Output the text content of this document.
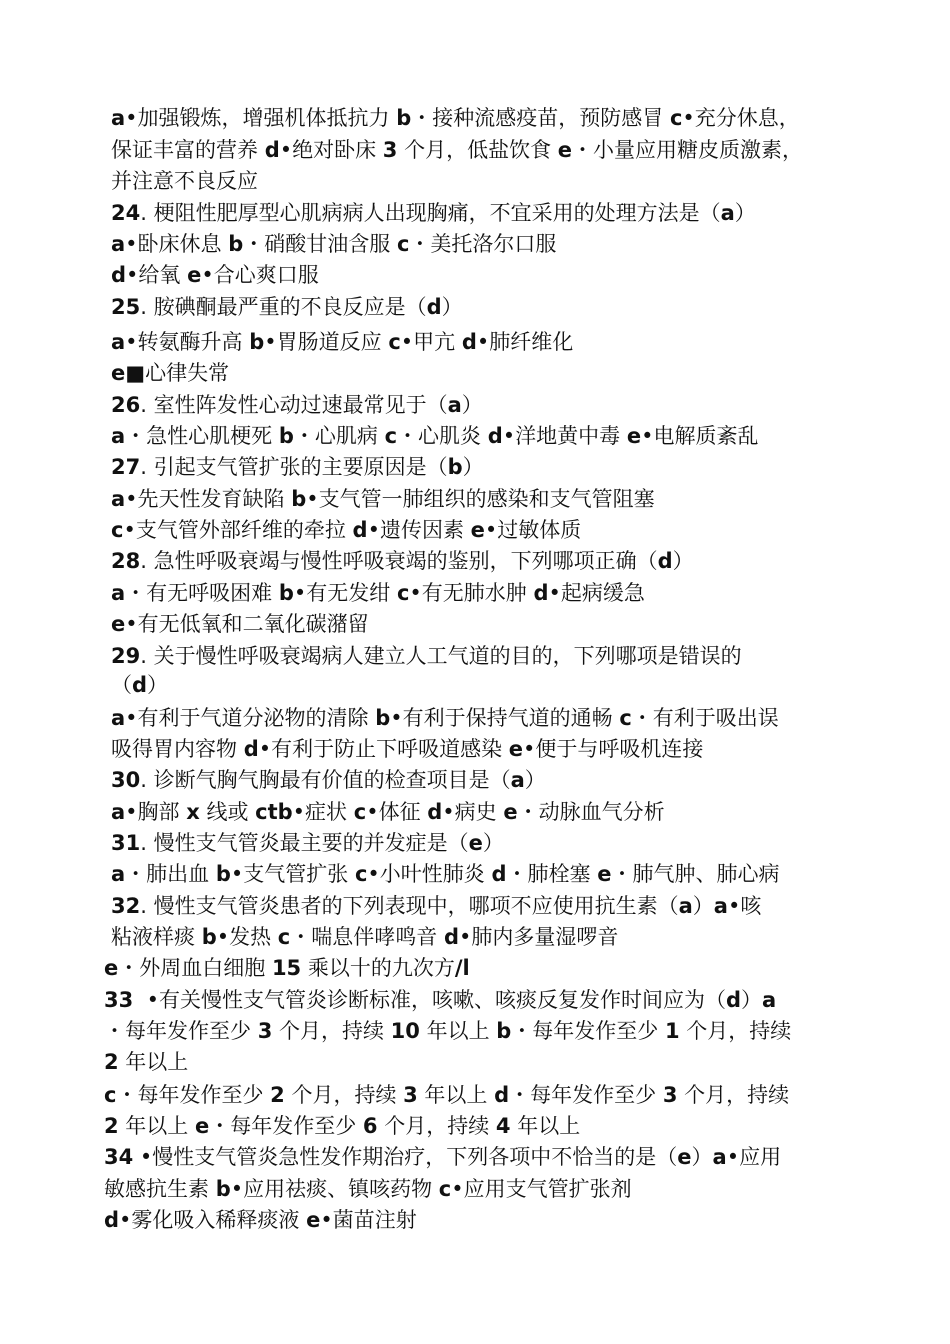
a•加强锻炼，增强机体抵抗力 b・接种流感疫苗，预防感冒 c•充分休息，
保证丰富的营养 d•绝对卧床 3 个月，低盐饮食 e・小量应用糖皮质激素，
并注意不良反应
24. 梗阻性肥厚型心肌病病人出现胸痛，不宜采用的处理方法是（a）
a•卧床休息 b・硝酸甘油含服 c・美托洛尔口服
d•给氧 e•合心爽口服
25. 胺碘酮最严重的不良反应是（d）
a•转氨酶升高 b•胃肠道反应 c•甲亢 d•肺纤维化
e■心律失常
26. 室性阵发性心动过速最常见于（a）
a・急性心肌梗死 b・心肌病 c・心肌炎 d•洋地黄中毒 e•电解质紊乱
27. 引起支气管扩张的主要原因是（b）
a•先天性发育缺陷 b•支气管一肺组织的感染和支气管阻塞
c•支气管外部纤维的牵拉 d•遗传因素 e•过敏体质
28. 急性呼吸衰竭与慢性呼吸衰竭的鉴别，下列哪项正确（d）
a・有无呼吸困难 b•有无发绀 c•有无肺水肿 d•起病缓急
e•有无低氧和二氧化碳潴留
29. 关于慢性呼吸衰竭病人建立人工气道的目的，下列哪项是错误的
（d）
a•有利于气道分泌物的清除 b•有利于保持气道的通畅 c・有利于吸出误
吸得胃内容物 d•有利于防止下呼吸道感染 e•便于与呼吸机连接
30. 诊断气胸气胸最有价值的检查项目是（a）
a•胸部 x 线或 ctb•症状 c•体征 d•病史 e・动脉血气分析
31. 慢性支气管炎最主要的并发症是（e）
a・肺出血 b•支气管扩张 c•小叶性肺炎 d・肺栓塞 e・肺气肿、肺心病
32. 慢性支气管炎患者的下列表现中，哪项不应使用抗生素（a）a•咳
粘液样痰 b•发热 c・喘息伴哮鸣音 d•肺内多量湿啰音
e・外周血白细胞 15 乘以十的九次方/l
33  •有关慢性支气管炎诊断标准，咳嗽、咳痰反复发作时间应为（d）a
・每年发作至少 3 个月，持续 10 年以上 b・每年发作至少 1 个月，持续
2 年以上
c・每年发作至少 2 个月，持续 3 年以上 d・每年发作至少 3 个月，持续
2 年以上 e・每年发作至少 6 个月，持续 4 年以上
34 •慢性支气管炎急性发作期治疗，下列各项中不恰当的是（e）a•应用
敏感抗生素 b•应用祛痰、镇咳药物 c•应用支气管扩张剂
d•雾化吸入稀释痰液 e•菌苗注射
